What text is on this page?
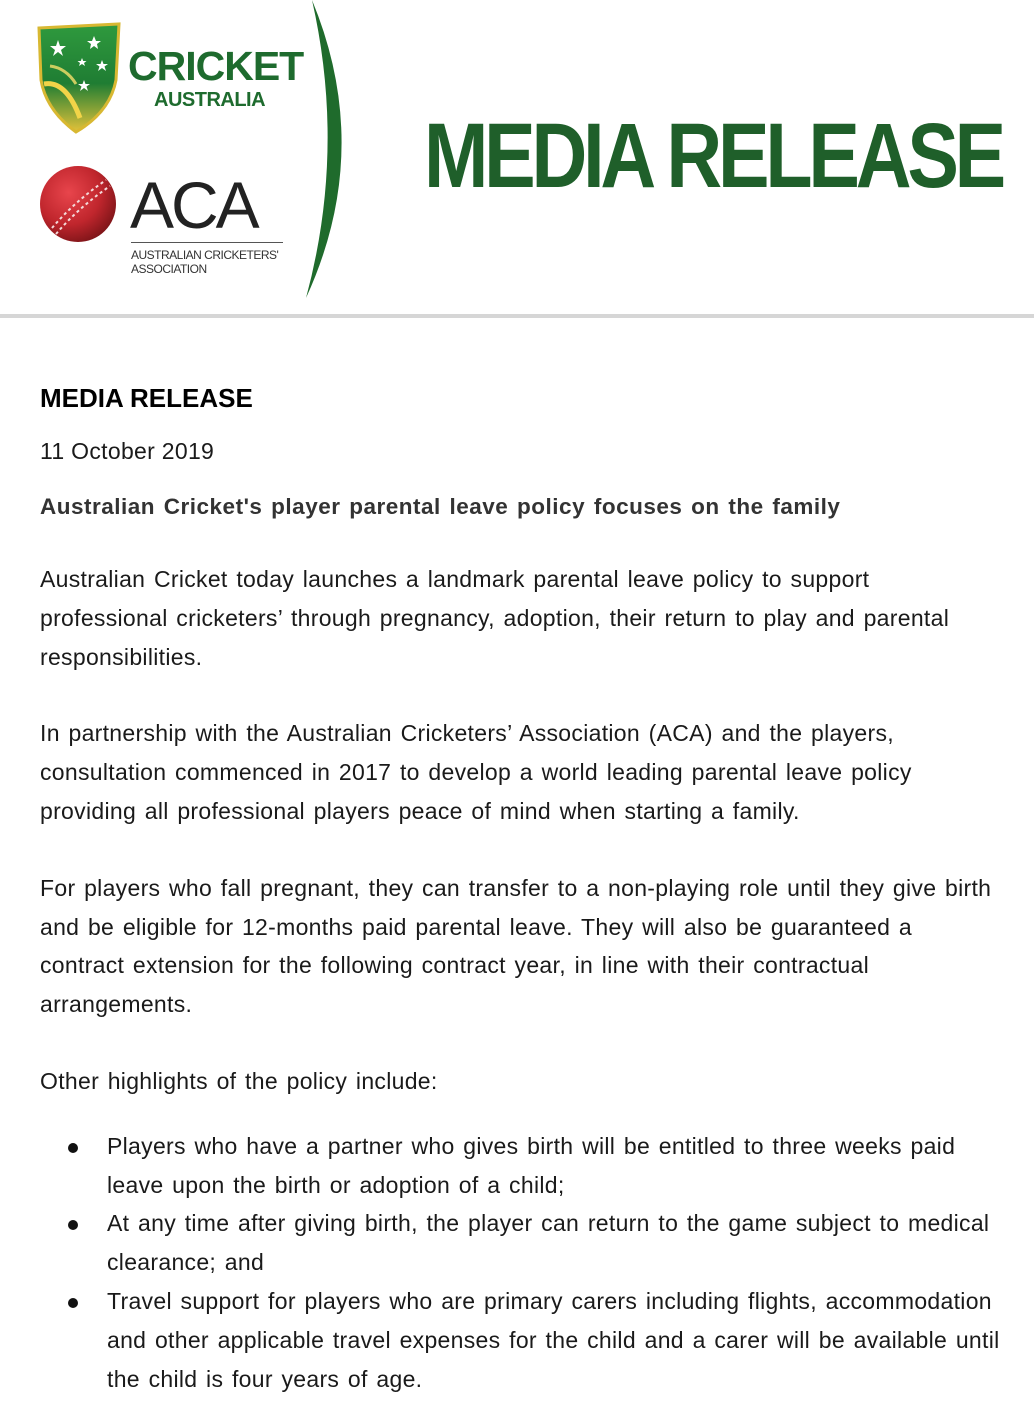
CRICKET
AUSTRALIA
ACA
AUSTRALIAN CRICKETERS'
ASSOCIATION
MEDIA RELEASE
MEDIA RELEASE

11 October 2019

Australian Cricket's player parental leave policy focuses on the family

Australian Cricket today launches a landmark parental leave policy to support professional cricketers’ through pregnancy, adoption, their return to play and parental responsibilities.

In partnership with the Australian Cricketers’ Association (ACA) and the players, consultation commenced in 2017 to develop a world leading parental leave policy providing all professional players peace of mind when starting a family.

For players who fall pregnant, they can transfer to a non-playing role until they give birth and be eligible for 12-months paid parental leave. They will also be guaranteed a contract extension for the following contract year, in line with their contractual arrangements.

Other highlights of the policy include:

Players who have a partner who gives birth will be entitled to three weeks paid leave upon the birth or adoption of a child;
At any time after giving birth, the player can return to the game subject to medical clearance; and
Travel support for players who are primary carers including flights, accommodation and other applicable travel expenses for the child and a carer will be available until the child is four years of age.
